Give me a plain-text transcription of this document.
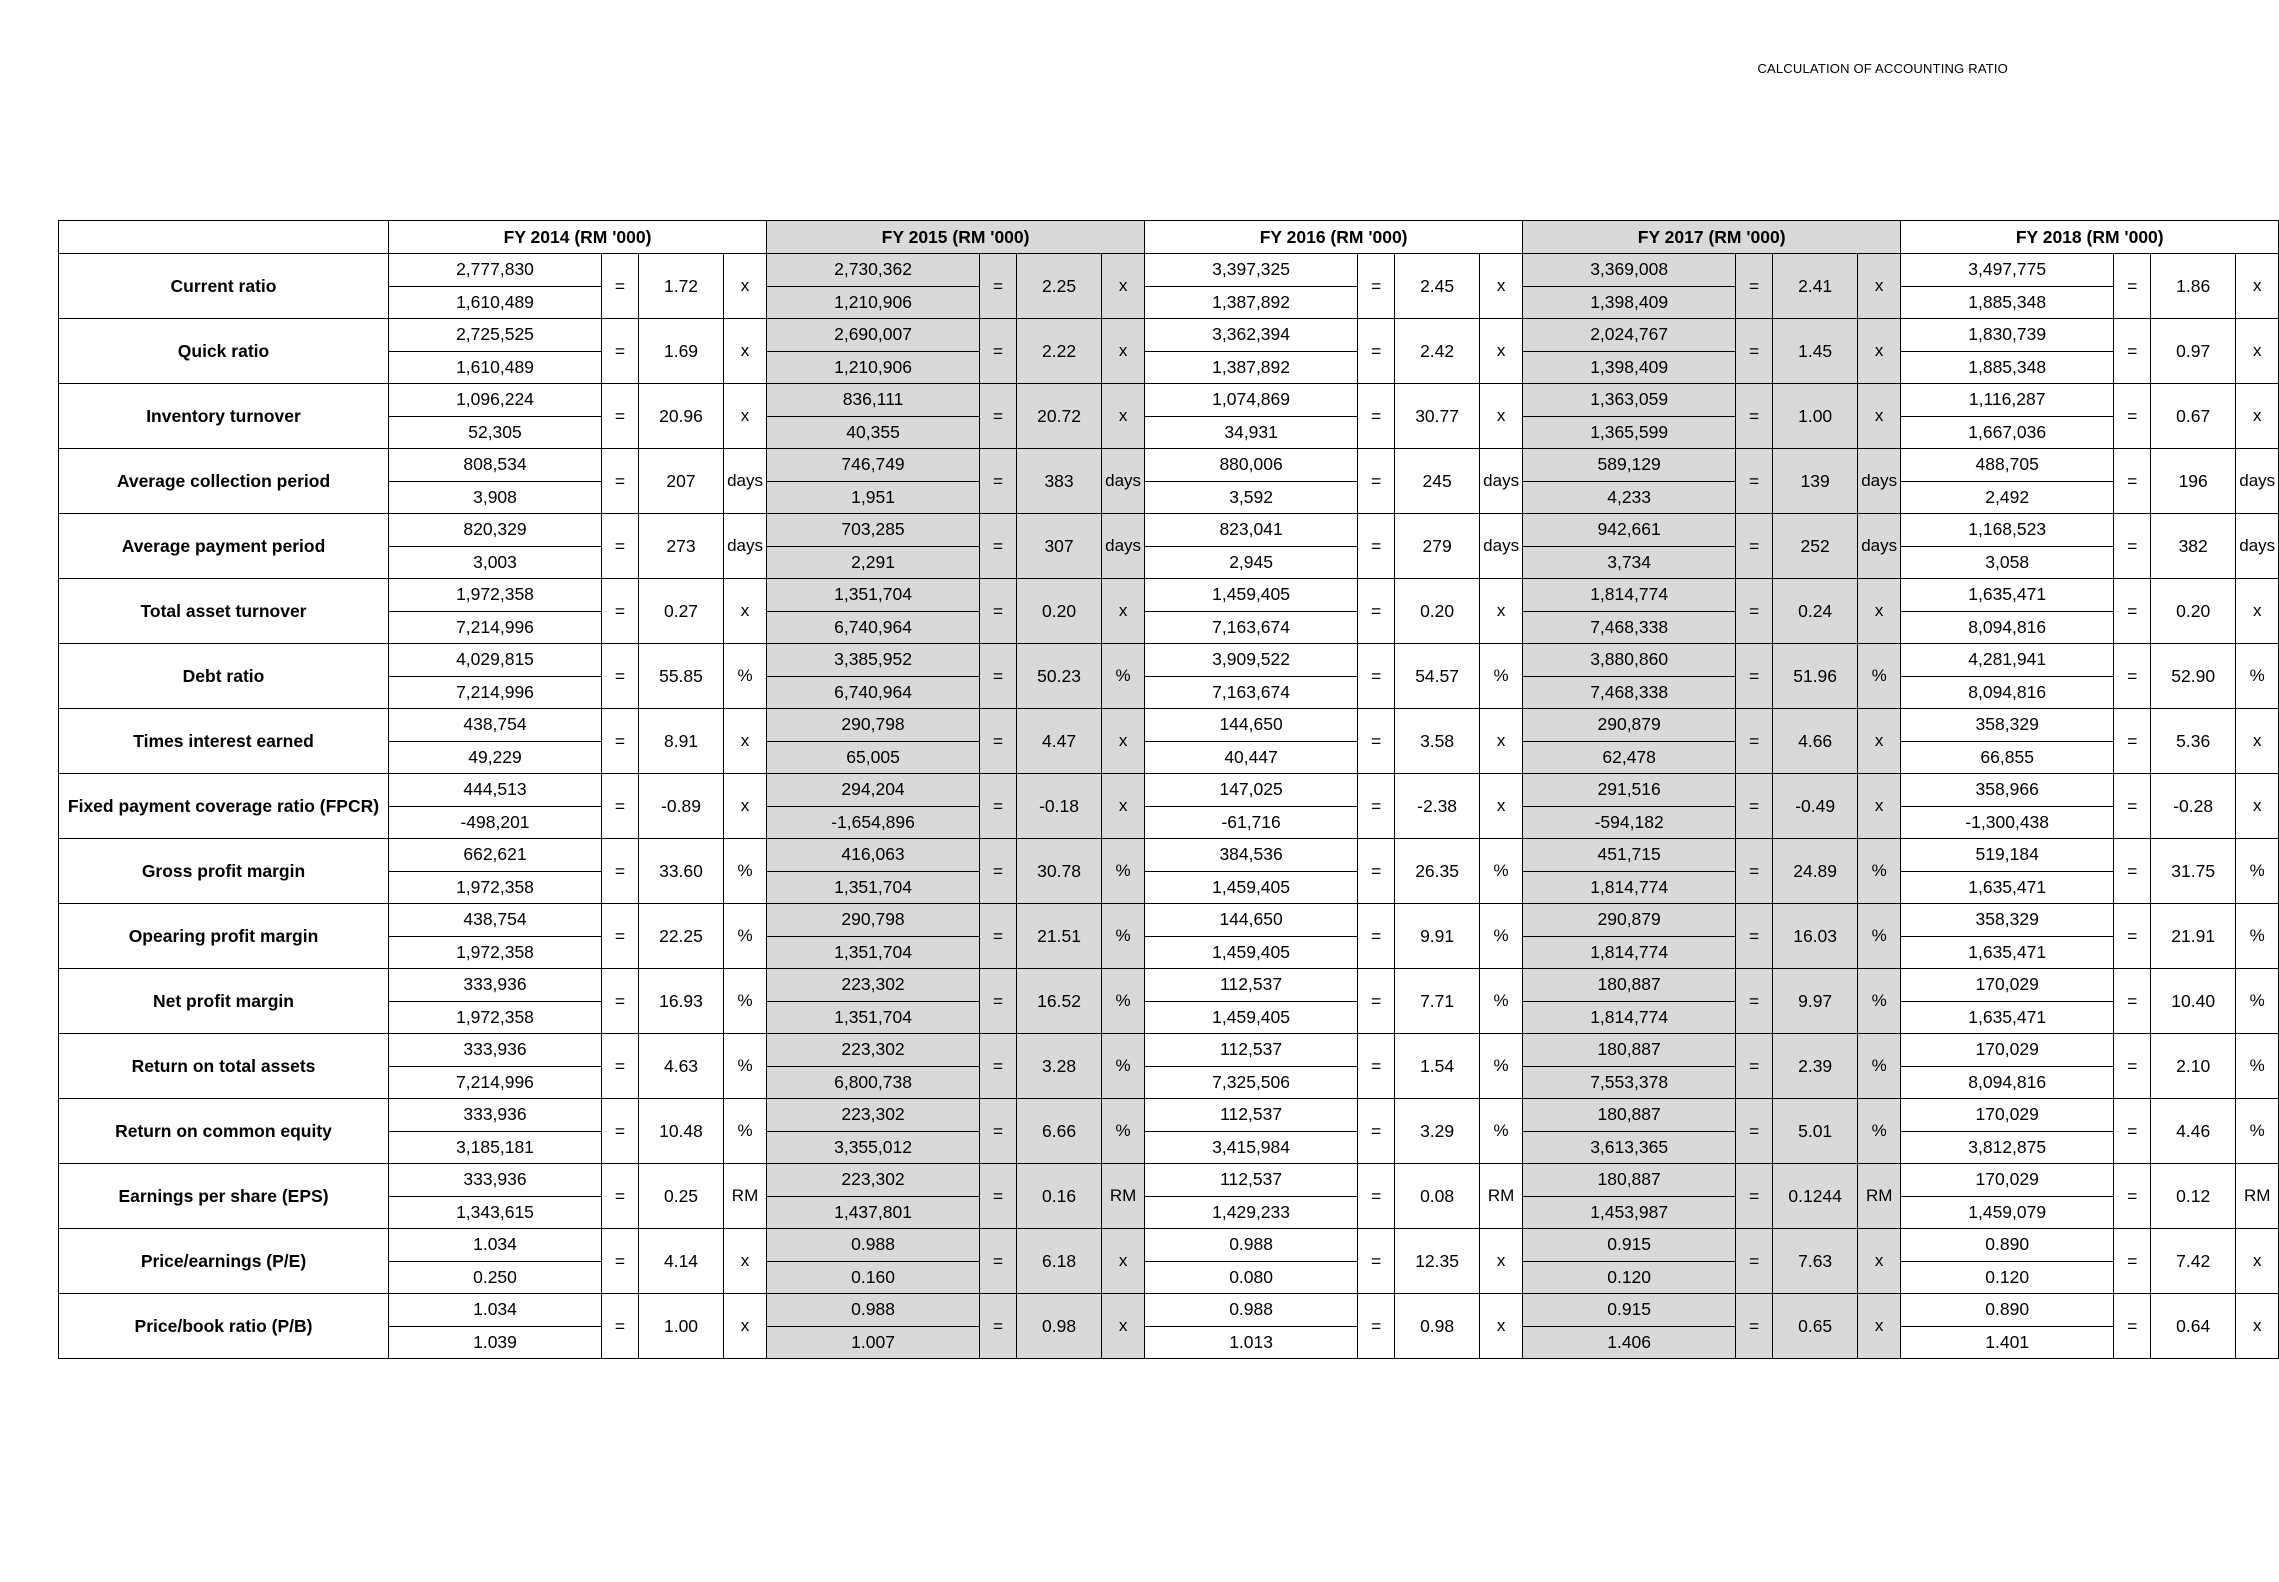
CALCULATION OF ACCOUNTING RATIO
	FY 2014 (RM '000)				FY 2015 (RM '000)				FY 2016 (RM '000)				FY 2017 (RM '000)				FY 2018 (RM '000)			
Current ratio	2,777,830	=	1.72	x	2,730,362	=	2.25	x	3,397,325	=	2.45	x	3,369,008	=	2.41	x	3,497,775	=	1.86	x
	1,610,489				1,210,906				1,387,892				1,398,409				1,885,348			
Quick ratio	2,725,525	=	1.69	x	2,690,007	=	2.22	x	3,362,394	=	2.42	x	2,024,767	=	1.45	x	1,830,739	=	0.97	x
	1,610,489				1,210,906				1,387,892				1,398,409				1,885,348			
Inventory turnover	1,096,224	=	20.96	x	836,111	=	20.72	x	1,074,869	=	30.77	x	1,363,059	=	1.00	x	1,116,287	=	0.67	x
	52,305				40,355				34,931				1,365,599				1,667,036			
Average collection period	808,534	=	207	days	746,749	=	383	days	880,006	=	245	days	589,129	=	139	days	488,705	=	196	days
	3,908				1,951				3,592				4,233				2,492			
Average payment period	820,329	=	273	days	703,285	=	307	days	823,041	=	279	days	942,661	=	252	days	1,168,523	=	382	days
	3,003				2,291				2,945				3,734				3,058			
Total asset turnover	1,972,358	=	0.27	x	1,351,704	=	0.20	x	1,459,405	=	0.20	x	1,814,774	=	0.24	x	1,635,471	=	0.20	x
	7,214,996				6,740,964				7,163,674				7,468,338				8,094,816			
Debt ratio	4,029,815	=	55.85	%	3,385,952	=	50.23	%	3,909,522	=	54.57	%	3,880,860	=	51.96	%	4,281,941	=	52.90	%
	7,214,996				6,740,964				7,163,674				7,468,338				8,094,816			
Times interest earned	438,754	=	8.91	x	290,798	=	4.47	x	144,650	=	3.58	x	290,879	=	4.66	x	358,329	=	5.36	x
	49,229				65,005				40,447				62,478				66,855			
Fixed payment coverage ratio (FPCR)	444,513	=	-0.89	x	294,204	=	-0.18	x	147,025	=	-2.38	x	291,516	=	-0.49	x	358,966	=	-0.28	x
	-498,201				-1,654,896				-61,716				-594,182				-1,300,438			
Gross profit margin	662,621	=	33.60	%	416,063	=	30.78	%	384,536	=	26.35	%	451,715	=	24.89	%	519,184	=	31.75	%
	1,972,358				1,351,704				1,459,405				1,814,774				1,635,471			
Opearing profit margin	438,754	=	22.25	%	290,798	=	21.51	%	144,650	=	9.91	%	290,879	=	16.03	%	358,329	=	21.91	%
	1,972,358				1,351,704				1,459,405				1,814,774				1,635,471			
Net profit margin	333,936	=	16.93	%	223,302	=	16.52	%	112,537	=	7.71	%	180,887	=	9.97	%	170,029	=	10.40	%
	1,972,358				1,351,704				1,459,405				1,814,774				1,635,471			
Return on total assets	333,936	=	4.63	%	223,302	=	3.28	%	112,537	=	1.54	%	180,887	=	2.39	%	170,029	=	2.10	%
	7,214,996				6,800,738				7,325,506				7,553,378				8,094,816			
Return on common equity	333,936	=	10.48	%	223,302	=	6.66	%	112,537	=	3.29	%	180,887	=	5.01	%	170,029	=	4.46	%
	3,185,181				3,355,012				3,415,984				3,613,365				3,812,875			
Earnings per share (EPS)	333,936	=	0.25	RM	223,302	=	0.16	RM	112,537	=	0.08	RM	180,887	=	0.1244	RM	170,029	=	0.12	RM
	1,343,615				1,437,801				1,429,233				1,453,987				1,459,079			
Price/earnings (P/E)	1.034	=	4.14	x	0.988	=	6.18	x	0.988	=	12.35	x	0.915	=	7.63	x	0.890	=	7.42	x
	0.250				0.160				0.080				0.120				0.120			
Price/book ratio (P/B)	1.034	=	1.00	x	0.988	=	0.98	x	0.988	=	0.98	x	0.915	=	0.65	x	0.890	=	0.64	x
	1.039				1.007				1.013				1.406				1.401			
